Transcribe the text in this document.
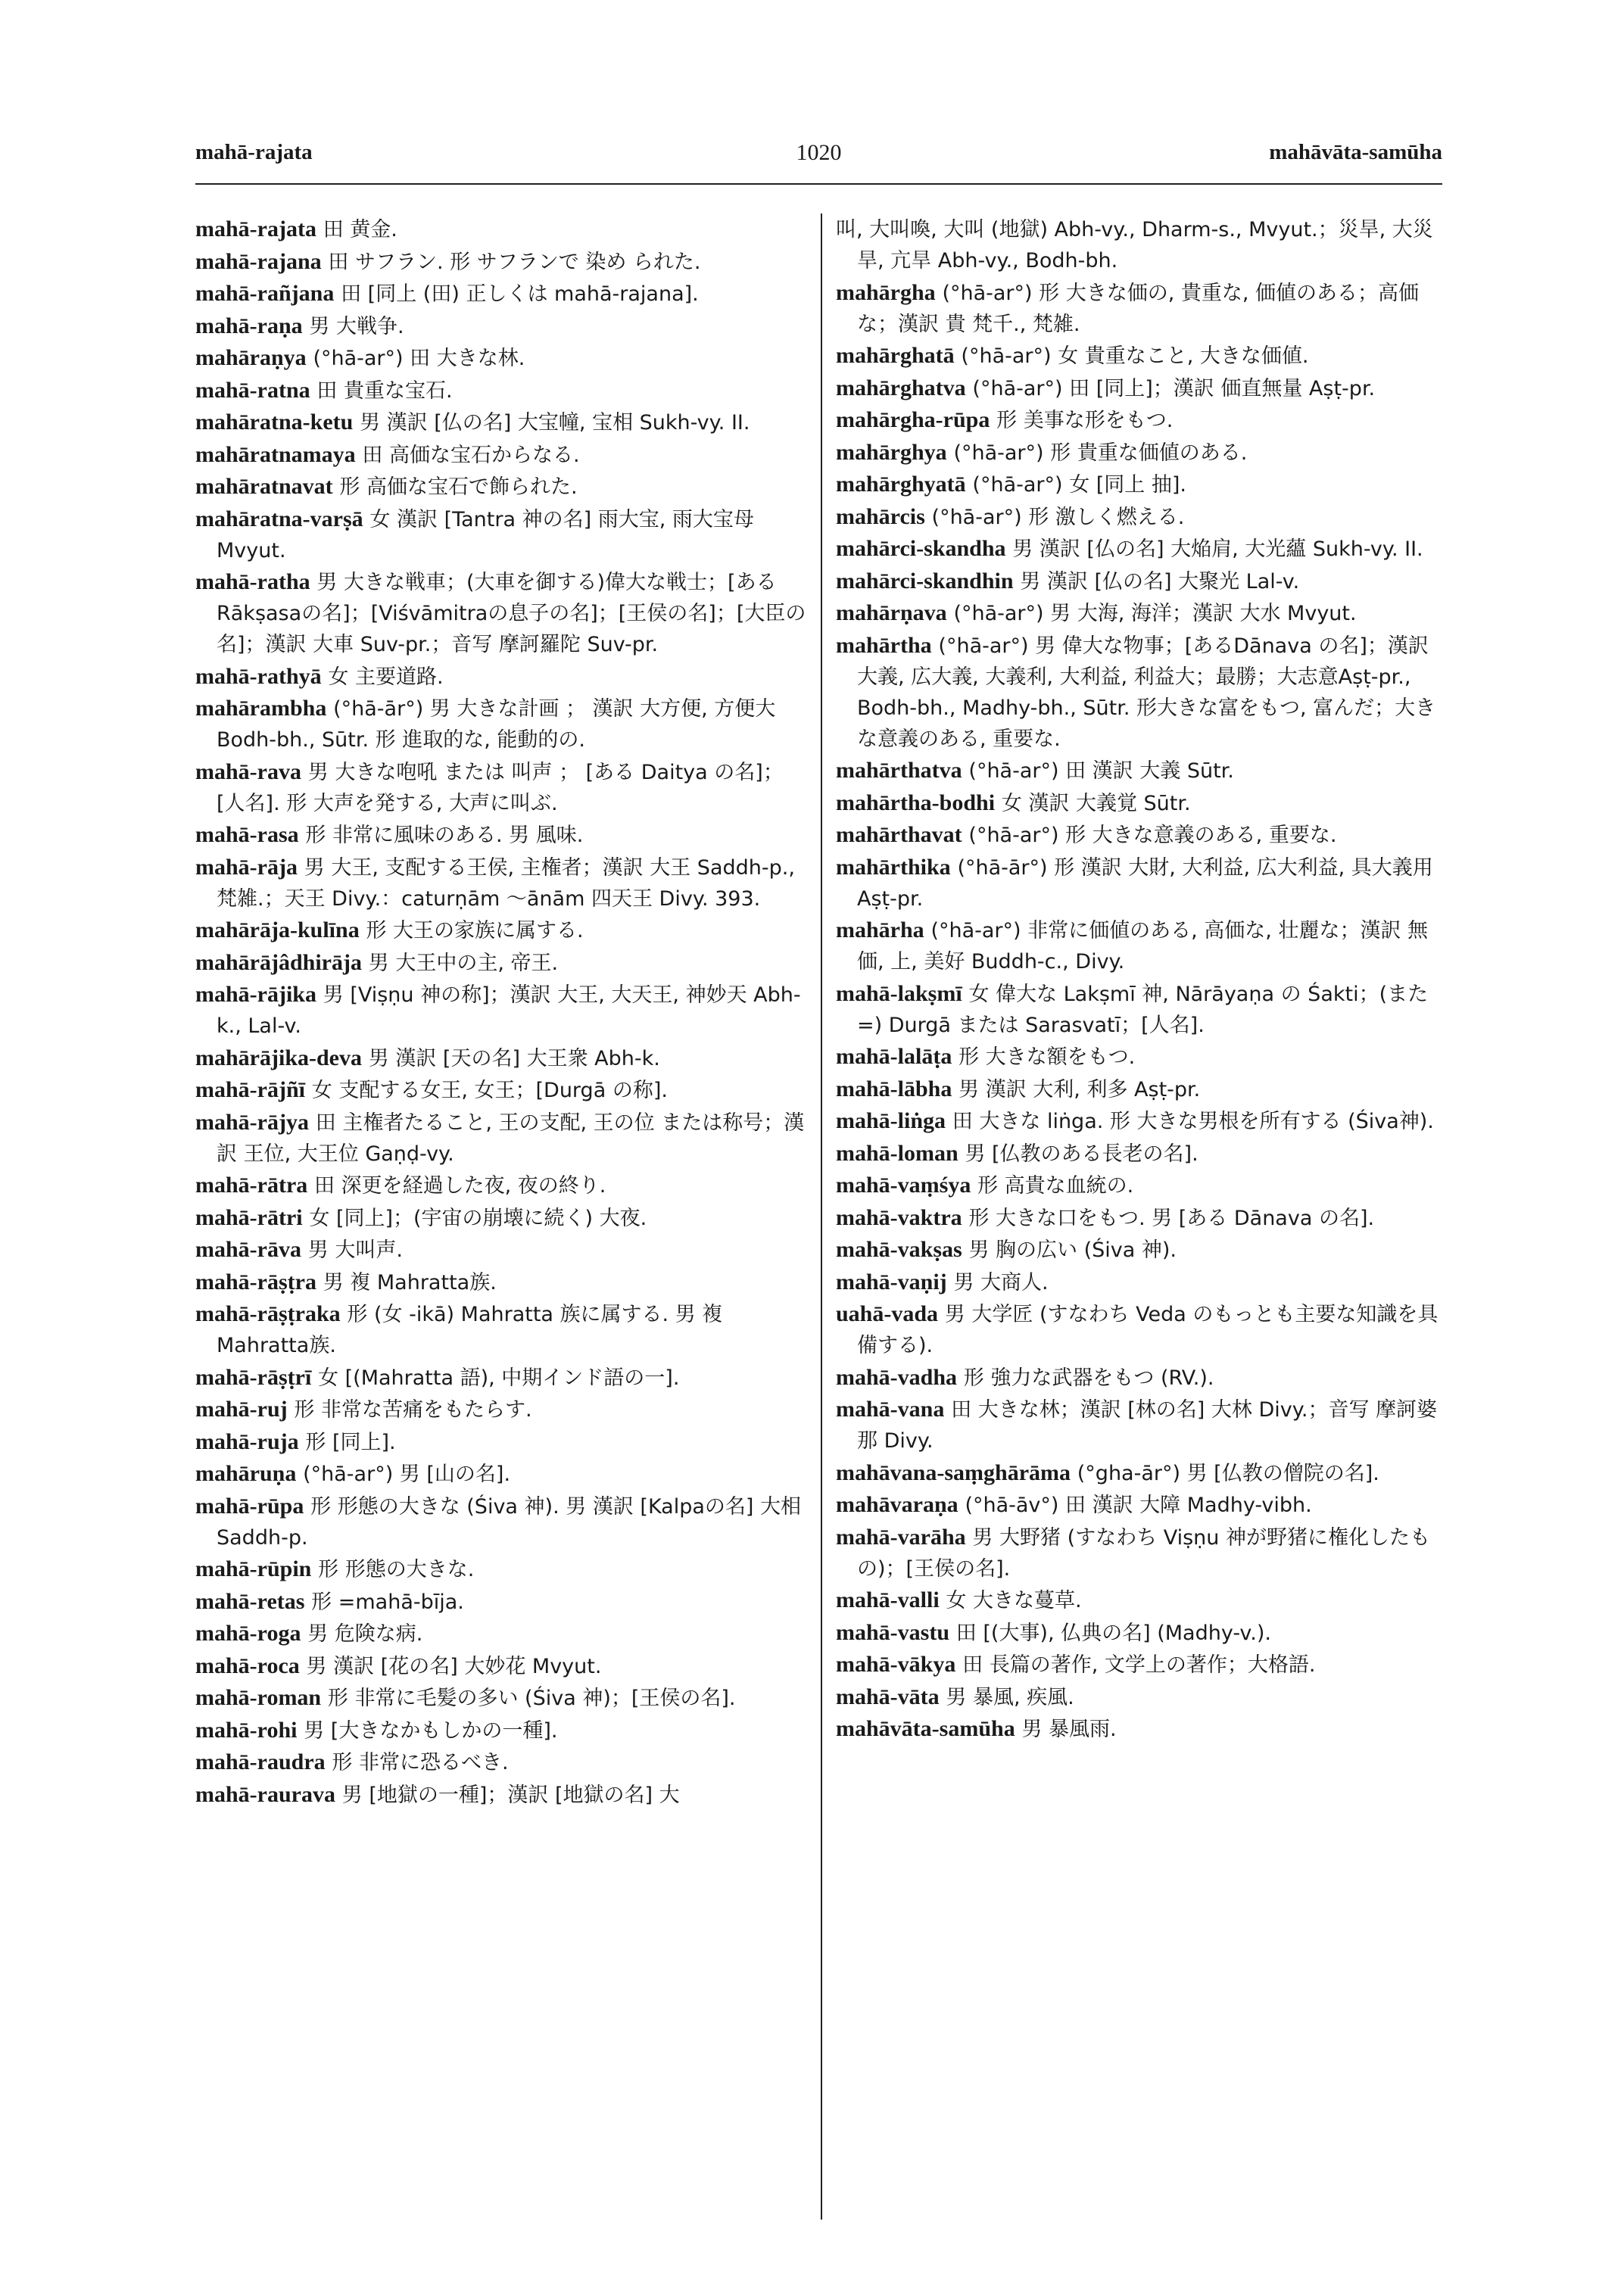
mahā-rajata	1020	mahāvāta-samūha
mahā-rajata 田 黄金.
mahā-rajana 田 サフラン. 形 サフランで 染め られた.
mahā-rañjana 田 [同上 (田) 正しくは mahā-rajana].
mahā-raṇa 男 大戦争.
mahāraṇya (°hā-ar°) 田 大きな林.
mahā-ratna 田 貴重な宝石.
mahāratna-ketu 男 漢訳 [仏の名] 大宝幢, 宝相 Sukh-vy. II.
mahāratnamaya 田 高価な宝石からなる.
mahāratnavat 形 高価な宝石で飾られた.
mahāratna-varṣā 女 漢訳 [Tantra 神の名] 雨大宝, 雨大宝母 Mvyut.
mahā-ratha 男 大きな戦車；(大車を御する)偉大な戦士；[あるRākṣasaの名]；[Viśvāmitraの息子の名]；[王侯の名]；[大臣の名]；漢訳 大車 Suv-pr.；音写 摩訶羅陀 Suv-pr.
mahā-rathyā 女 主要道路.
mahārambha (°hā-ār°) 男 大きな計画 ； 漢訳 大方便, 方便大 Bodh-bh., Sūtr. 形 進取的な, 能動的の.
mahā-rava 男 大きな咆吼 または 叫声 ； [ある Daitya の名]；[人名]. 形 大声を発する, 大声に叫ぶ.
mahā-rasa 形 非常に風味のある. 男 風味.
mahā-rāja 男 大王, 支配する王侯, 主権者；漢訳 大王 Saddh-p., 梵雑.；天王 Divy.：caturṇām ～ānām 四天王 Divy. 393.
mahārāja-kulīna 形 大王の家族に属する.
mahārājâdhirāja 男 大王中の主, 帝王.
mahā-rājika 男 [Viṣṇu 神の称]；漢訳 大王, 大天王, 神妙天 Abh-k., Lal-v.
mahārājika-deva 男 漢訳 [天の名] 大王衆 Abh-k.
mahā-rājñī 女 支配する女王, 女王；[Durgā の称].
mahā-rājya 田 主権者たること, 王の支配, 王の位 または称号；漢訳 王位, 大王位 Gaṇḍ-vy.
mahā-rātra 田 深更を経過した夜, 夜の終り.
mahā-rātri 女 [同上]；(宇宙の崩壊に続く) 大夜.
mahā-rāva 男 大叫声.
mahā-rāṣṭra 男 複 Mahratta族.
mahā-rāṣṭraka 形 (女 -ikā) Mahratta 族に属する. 男 複 Mahratta族.
mahā-rāṣṭrī 女 [(Mahratta 語), 中期インド語の一].
mahā-ruj 形 非常な苦痛をもたらす.
mahā-ruja 形 [同上].
mahāruṇa (°hā-ar°) 男 [山の名].
mahā-rūpa 形 形態の大きな (Śiva 神). 男 漢訳 [Kalpaの名] 大相 Saddh-p.
mahā-rūpin 形 形態の大きな.
mahā-retas 形 =mahā-bīja.
mahā-roga 男 危険な病.
mahā-roca 男 漢訳 [花の名] 大妙花 Mvyut.
mahā-roman 形 非常に毛髪の多い (Śiva 神)；[王侯の名].
mahā-rohi 男 [大きなかもしかの一種].
mahā-raudra 形 非常に恐るべき.
mahā-raurava 男 [地獄の一種]；漢訳 [地獄の名] 大
叫, 大叫喚, 大叫 (地獄) Abh-vy., Dharm-s., Mvyut.；災旱, 大災旱, 亢旱 Abh-vy., Bodh-bh.
mahārgha (°hā-ar°) 形 大きな価の, 貴重な, 価値のある；高価な；漢訳 貴 梵千., 梵雑.
mahārghatā (°hā-ar°) 女 貴重なこと, 大きな価値.
mahārghatva (°hā-ar°) 田 [同上]；漢訳 価直無量 Aṣṭ-pr.
mahārgha-rūpa 形 美事な形をもつ.
mahārghya (°hā-ar°) 形 貴重な価値のある.
mahārghyatā (°hā-ar°) 女 [同上 抽].
mahārcis (°hā-ar°) 形 激しく燃える.
mahārci-skandha 男 漢訳 [仏の名] 大焔肩, 大光蘊 Sukh-vy. II.
mahārci-skandhin 男 漢訳 [仏の名] 大聚光 Lal-v.
mahārṇava (°hā-ar°) 男 大海, 海洋；漢訳 大水 Mvyut.
mahārtha (°hā-ar°) 男 偉大な物事；[あるDānava の名]；漢訳 大義, 広大義, 大義利, 大利益, 利益大；最勝；大志意Aṣṭ-pr., Bodh-bh., Madhy-bh., Sūtr. 形大きな富をもつ, 富んだ；大きな意義のある, 重要な.
mahārthatva (°hā-ar°) 田 漢訳 大義 Sūtr.
mahārtha-bodhi 女 漢訳 大義覚 Sūtr.
mahārthavat (°hā-ar°) 形 大きな意義のある, 重要な.
mahārthika (°hā-ār°) 形 漢訳 大財, 大利益, 広大利益, 具大義用 Aṣṭ-pr.
mahārha (°hā-ar°) 非常に価値のある, 高価な, 壮麗な；漢訳 無価, 上, 美好 Buddh-c., Divy.
mahā-lakṣmī 女 偉大な Lakṣmī 神, Nārāyaṇa の Śakti；(また=) Durgā または Sarasvatī；[人名].
mahā-lalāṭa 形 大きな額をもつ.
mahā-lābha 男 漢訳 大利, 利多 Aṣṭ-pr.
mahā-liṅga 田 大きな liṅga. 形 大きな男根を所有する (Śiva神).
mahā-loman 男 [仏教のある長老の名].
mahā-vaṃśya 形 高貴な血統の.
mahā-vaktra 形 大きな口をもつ. 男 [ある Dānava の名].
mahā-vakṣas 男 胸の広い (Śiva 神).
mahā-vaṇij 男 大商人.
uahā-vada 男 大学匠 (すなわち Veda のもっとも主要な知識を具備する).
mahā-vadha 形 強力な武器をもつ (RV.).
mahā-vana 田 大きな林；漢訳 [林の名] 大林 Divy.；音写 摩訶婆那 Divy.
mahāvana-saṃghārāma (°gha-ār°) 男 [仏教の僧院の名].
mahāvaraṇa (°hā-āv°) 田 漢訳 大障 Madhy-vibh.
mahā-varāha 男 大野猪 (すなわち Viṣṇu 神が野猪に権化したもの)；[王侯の名].
mahā-valli 女 大きな蔓草.
mahā-vastu 田 [(大事), 仏典の名] (Madhy-v.).
mahā-vākya 田 長篇の著作, 文学上の著作；大格語.
mahā-vāta 男 暴風, 疾風.
mahāvāta-samūha 男 暴風雨.
